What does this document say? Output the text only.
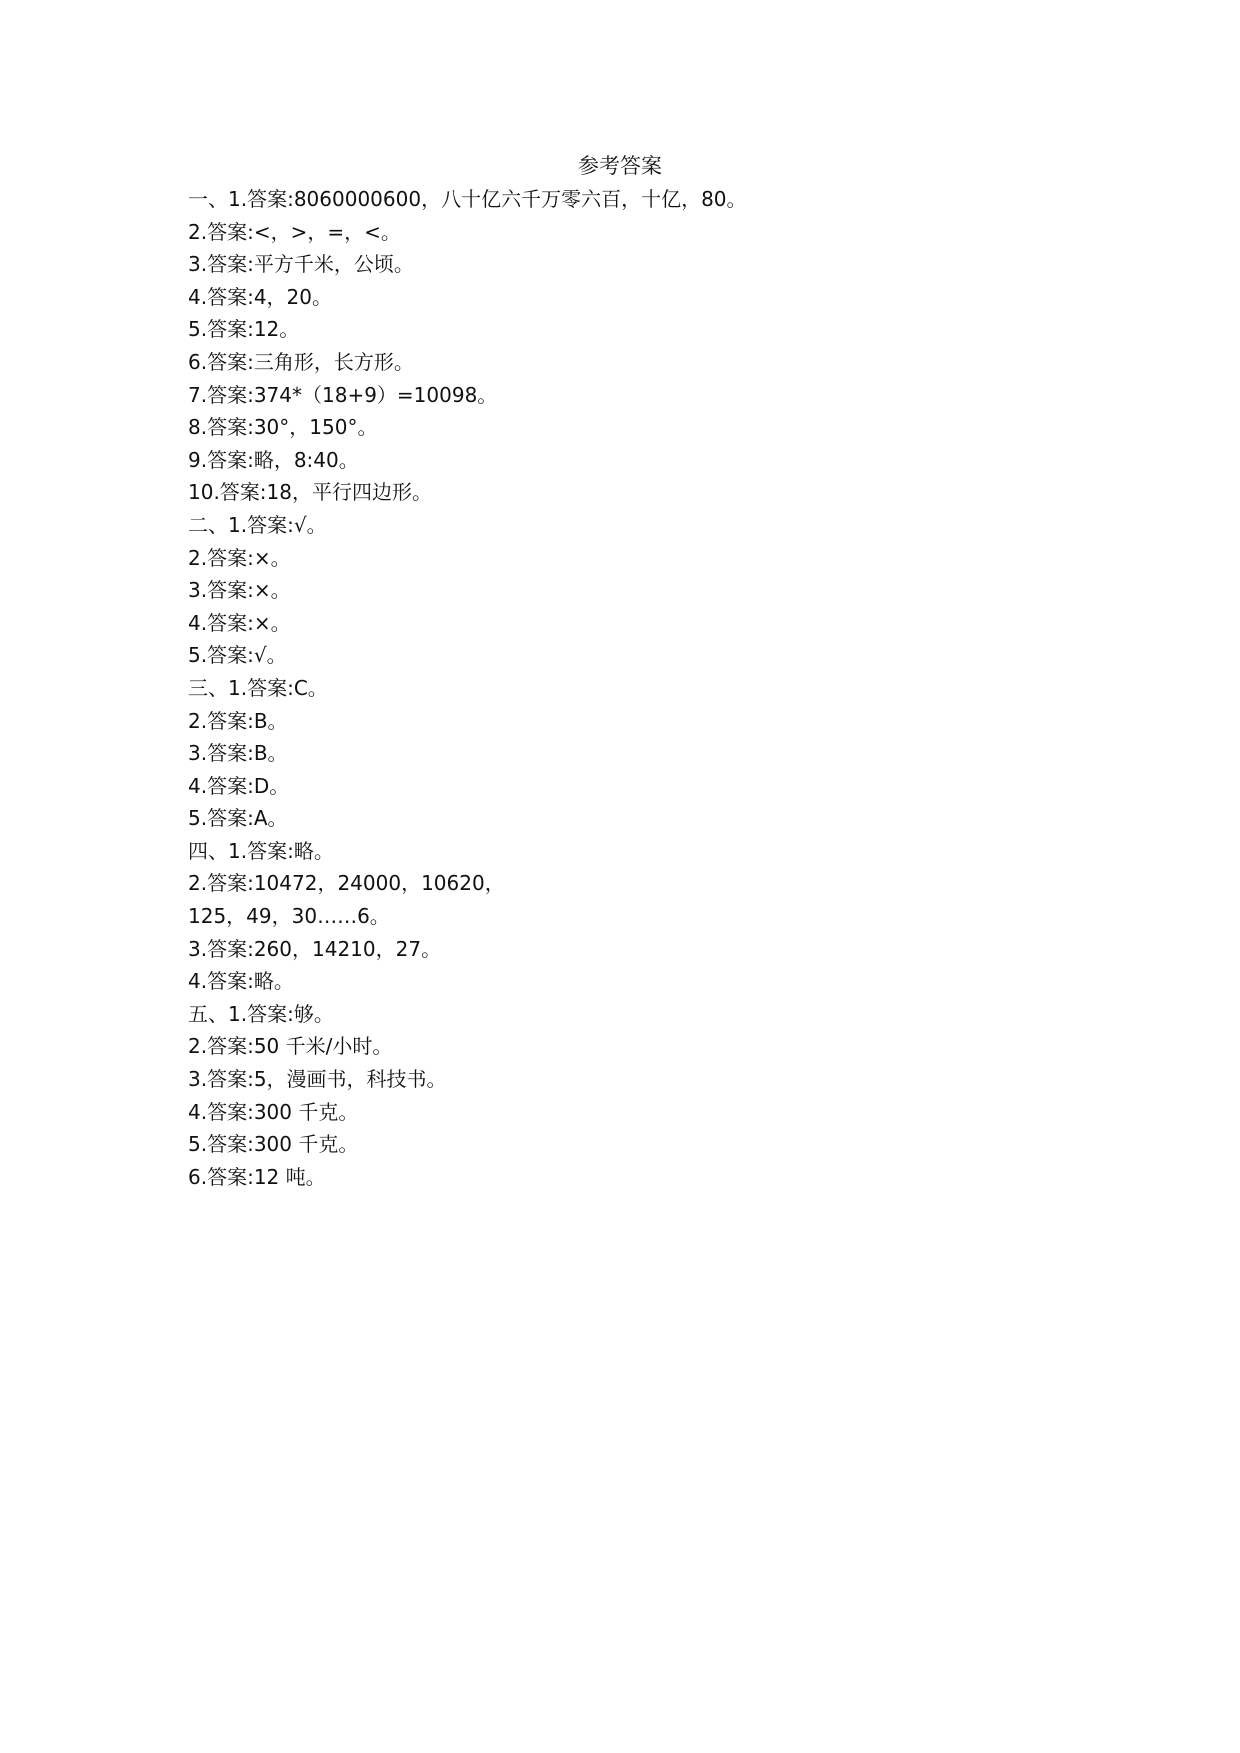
参考答案
一、1.答案:8060000600，八十亿六千万零六百，十亿，80。
2.答案:<，>，=，<。
3.答案:平方千米，公顷。
4.答案:4，20。
5.答案:12。
6.答案:三角形，长方形。
7.答案:374*（18+9）=10098。
8.答案:30°，150°。
9.答案:略，8:40。
10.答案:18，平行四边形。
二、1.答案:√。
2.答案:×。
3.答案:×。
4.答案:×。
5.答案:√。
三、1.答案:C。
2.答案:B。
3.答案:B。
4.答案:D。
5.答案:A。
四、1.答案:略。
2.答案:10472，24000，10620，
125，49，30……6。
3.答案:260，14210，27。
4.答案:略。
五、1.答案:够。
2.答案:50 千米/小时。
3.答案:5，漫画书，科技书。
4.答案:300 千克。
5.答案:300 千克。
6.答案:12 吨。
